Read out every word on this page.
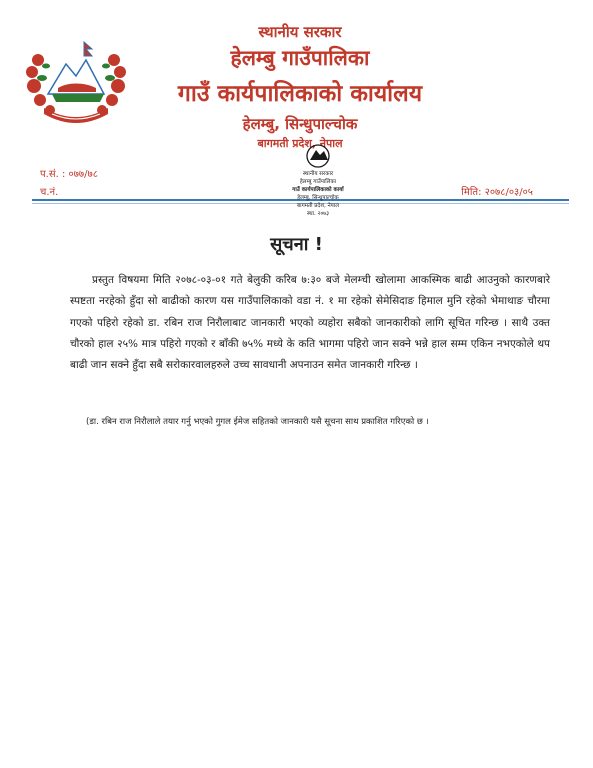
स्थानीय सरकार
हेलम्बु गाउँपालिका
गाउँ कार्यपालिकाको कार्यालय
हेलम्बु, सिन्धुपाल्चोक
बागमती प्रदेश, नेपाल
प.सं. : ०७७/७८
च.नं.	मिति: २०७८/०३/०५
स्थानीय सरकार
हेलम्बु गाउँपालिका
गाउँ कार्यपालिकाको कार्या
हेलम्बु, सिन्धुपाल्चोक
बागमती प्रदेश, नेपाल
स्था. २०७३
सूचना !

प्रस्तुत विषयमा मिति २०७८-०३-०१ गते बेलुकी करिब ७:३० बजे मेलम्ची खोलामा आकस्मिक बाढी आउनुको कारणबारे स्पष्टता नरहेको हुँदा सो बाढीको कारण यस गाउँपालिकाको वडा नं. १ मा रहेको सेमेसिदाङ हिमाल मुनि रहेको भेमाथाङ चौरमा गएको पहिरो रहेको डा. रबिन राज निरौलाबाट जानकारी भएको व्यहोरा सबैको जानकारीको लागि सूचित गरिन्छ । साथै उक्त चौरको हाल २५% मात्र पहिरो गएको र बाँकी ७५% मध्ये के कति भागमा पहिरो जान सक्ने भन्ने हाल सम्म एकिन नभएकोले थप बाढी जान सक्ने हुँदा सबै सरोकारवालहरुले उच्च सावधानी अपनाउन समेत जानकारी गरिन्छ ।

(डा. रबिन राज निरौलाले तयार गर्नु भएको गुगल ईमेज सहितको जानकारी यसै सूचना साथ प्रकाशित गरिएको छ ।
